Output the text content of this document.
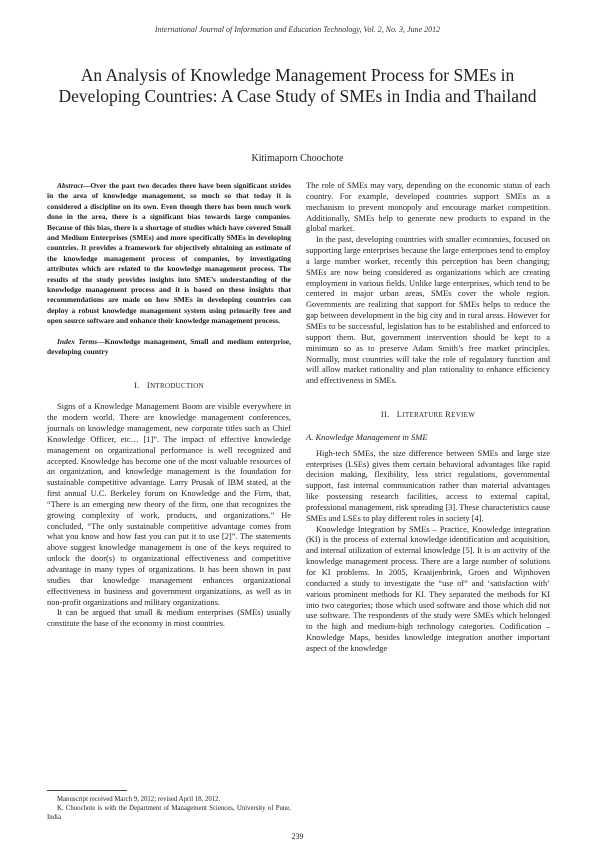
International Journal of Information and Education Technology, Vol. 2, No. 3, June 2012
An Analysis of Knowledge Management Process for SMEs in Developing Countries: A Case Study of SMEs in India and Thailand
Kitimaporn Choochote

Abstract—Over the past two decades there have been significant strides in the area of knowledge management, so much so that today it is considered a discipline on its own. Even though there has been much work done in the area, there is a significant bias towards large companies. Because of this bias, there is a shortage of studies which have covered Small and Medium Enterprises (SMEs) and more specifically SMEs in developing countries. It provides a framework for objectively obtaining an estimate of the knowledge management process of companies, by investigating attributes which are related to the knowledge management process. The results of the study provides insights into SME’s understanding of the knowledge management process and it is based on these insights that recommendations are made on how SMEs in developing countries can deploy a robust knowledge management system using primarily free and open source software and enhance their knowledge management process.

Index Terms—Knowledge management, Small and medium enterprise, developing country

I. INTRODUCTION

Signs of a Knowledge Management Boom are visible everywhere in the modern world. There are knowledge management conferences, journals on knowledge management, new corporate titles such as Chief Knowledge Officer, etc… [1]”. The impact of effective knowledge management on organizational performance is well recognized and accepted. Knowledge has become one of the most valuable resources of an organization, and knowledge management is the foundation for sustainable competitive advantage. Larry Prusak of IBM stated, at the first annual U.C. Berkeley forum on Knowledge and the Firm, that, “There is an emerging new theory of the firm, one that recognizes the growing complexity of work, products, and organizations.” He concluded, “The only sustainable competitive advantage comes from what you know and how fast you can put it to use [2]”. The statements above suggest knowledge management is one of the keys required to unlock the door(s) to organizational effectiveness and competitive advantage in many types of organizations. It has been shown in past studies that knowledge management enhances organizational effectiveness in business and government organizations, as well as in non-profit organizations and military organizations.

It can be argued that small & medium enterprises (SMEs) usually constitute the base of the economy in most countries.

The role of SMEs may vary, depending on the economic status of each country. For example, developed countries support SMEs as a mechanism to prevent monopoly and encourage market competition. Additionally, SMEs help to generate new products to expand in the global market.

In the past, developing countries with smaller economies, focused on supporting large enterprises because the large enterprises tend to employ a large number worker, recently this perception has been changing; SMEs are now being considered as organizations which are creating employment in various fields. Unlike large enterprises, which tend to be centered in major urban areas, SMEs cover the whole region. Governments are realizing that support for SMEs helps to reduce the gap between development in the big city and in rural areas. However for SMEs to be successful, legislation has to be established and enforced to support them. But, government intervention should be kept to a minimum so as to preserve Adam Smith’s free market principles. Normally, most countries will take the role of regulatory function and will allow market rationality and plan rationality to enhance efficiency and effectiveness in SMEs.

II. LITERATURE REVIEW

A. Knowledge Management in SME

High-tech SMEs, the size difference between SMEs and large size enterprises (LSEs) gives them certain behavioral advantages like rapid decision making, flexibility, less strict regulations, governmental support, fast internal communication rather than material advantages like possessing research facilities, access to external capital, professional management, risk spreading [3]. These characteristics cause SMEs and LSEs to play different roles in society [4].

Knowledge Integration by SMEs – Practice, Knowledge integration (KI) is the process of external knowledge identification and acquisition, and internal utilization of external knowledge [5]. It is an activity of the knowledge management process. There are a large number of solutions for KI problems. In 2005, Kraaijenbrink, Groen and Wijnhoven conducted a study to investigate the “use of” and ‘satisfaction with’ various prominent methods for KI. They separated the methods for KI into two categories; those which used software and those which did not use software. The respondents of the study were SMEs which belonged to the high and medium-high technology categories. Codification – Knowledge Maps, besides knowledge integration another important aspect of the knowledge

Manuscript received March 9, 2012; revised April 18, 2012.

K. Choochote is with the Department of Management Sciences, University of Pune, India

239
